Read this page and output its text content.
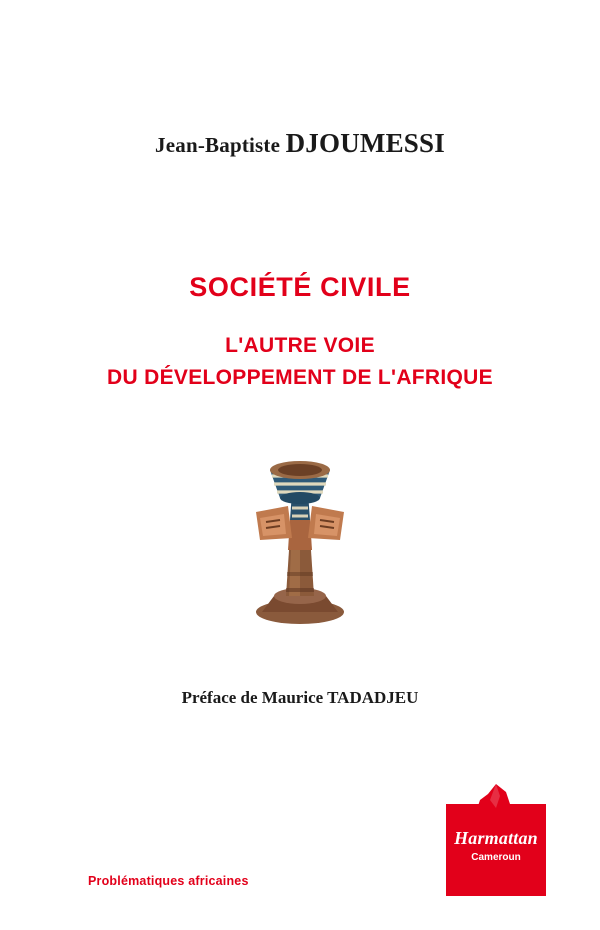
Jean-Baptiste DJOUMESSI
SOCIÉTÉ CIVILE
L'AUTRE VOIE
DU DÉVELOPPEMENT DE L'AFRIQUE
Préface de Maurice TADADJEU
Problématiques africaines
Harmattan
Cameroun
